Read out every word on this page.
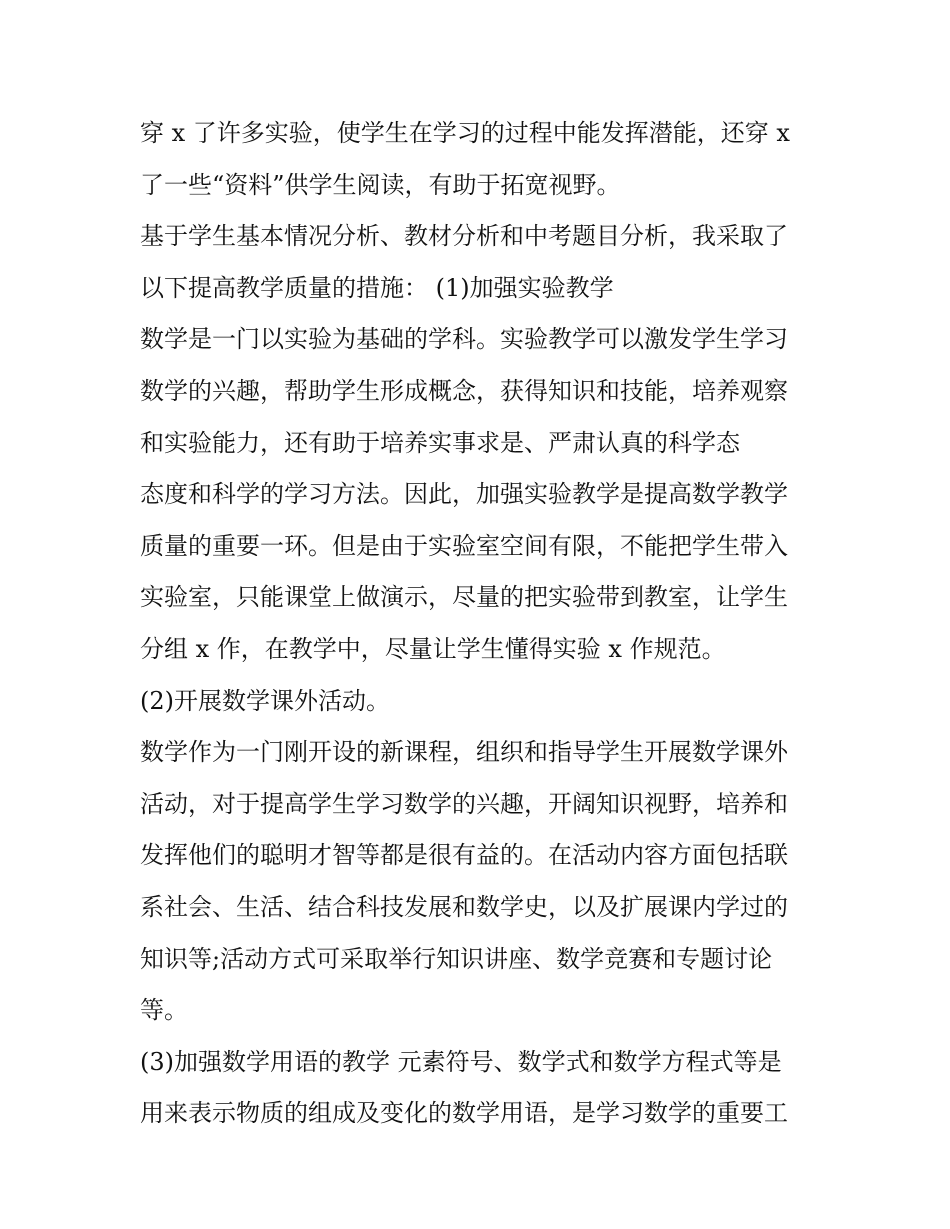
穿 x 了许多实验，使学生在学习的过程中能发挥潜能，还穿 x
了一些“资料”供学生阅读，有助于拓宽视野。
基于学生基本情况分析、教材分析和中考题目分析，我采取了
以下提高教学质量的措施： (1)加强实验教学
数学是一门以实验为基础的学科。实验教学可以激发学生学习
数学的兴趣，帮助学生形成概念，获得知识和技能，培养观察
和实验能力，还有助于培养实事求是、严肃认真的科学态
态度和科学的学习方法。因此，加强实验教学是提高数学教学
质量的重要一环。但是由于实验室空间有限，不能把学生带入
实验室，只能课堂上做演示，尽量的把实验带到教室，让学生
分组 x 作，在教学中，尽量让学生懂得实验 x 作规范。
(2)开展数学课外活动。
数学作为一门刚开设的新课程，组织和指导学生开展数学课外
活动，对于提高学生学习数学的兴趣，开阔知识视野，培养和
发挥他们的聪明才智等都是很有益的。在活动内容方面包括联
系社会、生活、结合科技发展和数学史，以及扩展课内学过的
知识等;活动方式可采取举行知识讲座、数学竞赛和专题讨论
等。
(3)加强数学用语的教学 元素符号、数学式和数学方程式等是
用来表示物质的组成及变化的数学用语，是学习数学的重要工
